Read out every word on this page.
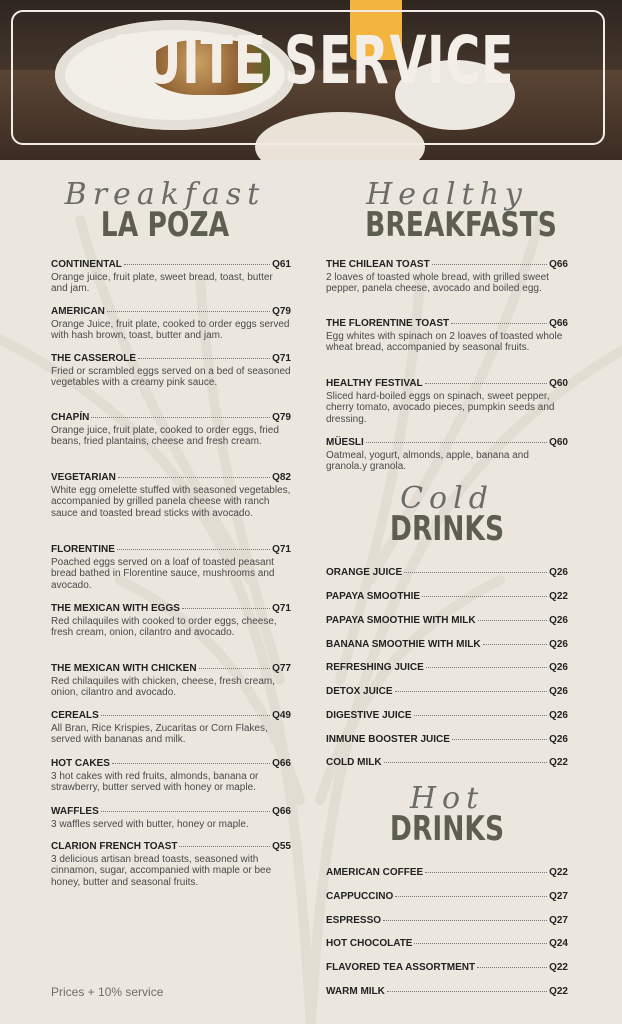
SUITE SERVICE
Breakfast
LA POZA
Healthy
BREAKFASTS
Cold
DRINKS
Hot
DRINKS
CONTINENTAL	Q61
Orange juice, fruit plate, sweet bread, toast, butter and jam.
AMERICAN	Q79
Orange Juice, fruit plate, cooked to order eggs served with hash brown, toast, butter and jam.
THE CASSEROLE	Q71
Fried or scrambled eggs served on a bed of seasoned vegetables with a creamy pink sauce.
CHAPÍN	Q79
Orange juice, fruit plate, cooked to order eggs, fried beans, fried plantains, cheese and fresh cream.
VEGETARIAN	Q82
White egg omelette stuffed with seasoned vegetables, accompanied by grilled panela cheese with ranch sauce and toasted bread sticks with avocado.
FLORENTINE	Q71
Poached eggs served on a loaf of toasted peasant bread bathed in Florentine sauce, mushrooms and avocado.
THE MEXICAN WITH EGGS	Q71
Red chilaquiles with cooked to order eggs, cheese, fresh cream, onion, cilantro and avocado.
THE MEXICAN WITH CHICKEN	Q77
Red chilaquiles with chicken, cheese, fresh cream, onion, cilantro and avocado.
CEREALS	Q49
All Bran, Rice Krispies, Zucaritas or Corn Flakes, served with bananas and milk.
HOT CAKES	Q66
3 hot cakes with red fruits, almonds, banana or strawberry, butter served with honey or maple.
WAFFLES	Q66
3 waffles served with butter, honey or maple.
CLARION FRENCH TOAST	Q55
3 delicious artisan bread toasts, seasoned with cinnamon, sugar, accompanied with maple or bee honey, butter and seasonal fruits.
THE CHILEAN TOAST	Q66
2 loaves of toasted whole bread, with grilled sweet pepper, panela cheese, avocado and boiled egg.
THE FLORENTINE TOAST	Q66
Egg whites with spinach on 2 loaves of toasted whole wheat bread, accompanied by seasonal fruits.
HEALTHY FESTIVAL	Q60
Sliced hard-boiled eggs on spinach, sweet pepper, cherry tomato, avocado pieces, pumpkin seeds and dressing.
MÜESLI	Q60
Oatmeal, yogurt, almonds, apple, banana and granola.y granola.
ORANGE JUICE	Q26
PAPAYA SMOOTHIE	Q22
PAPAYA SMOOTHIE WITH MILK	Q26
BANANA SMOOTHIE WITH MILK	Q26
REFRESHING JUICE	Q26
DETOX JUICE	Q26
DIGESTIVE JUICE	Q26
INMUNE BOOSTER JUICE	Q26
COLD MILK	Q22
AMERICAN COFFEE	Q22
CAPPUCCINO	Q27
ESPRESSO	Q27
HOT CHOCOLATE	Q24
FLAVORED TEA ASSORTMENT	Q22
WARM MILK	Q22
Prices + 10% service
